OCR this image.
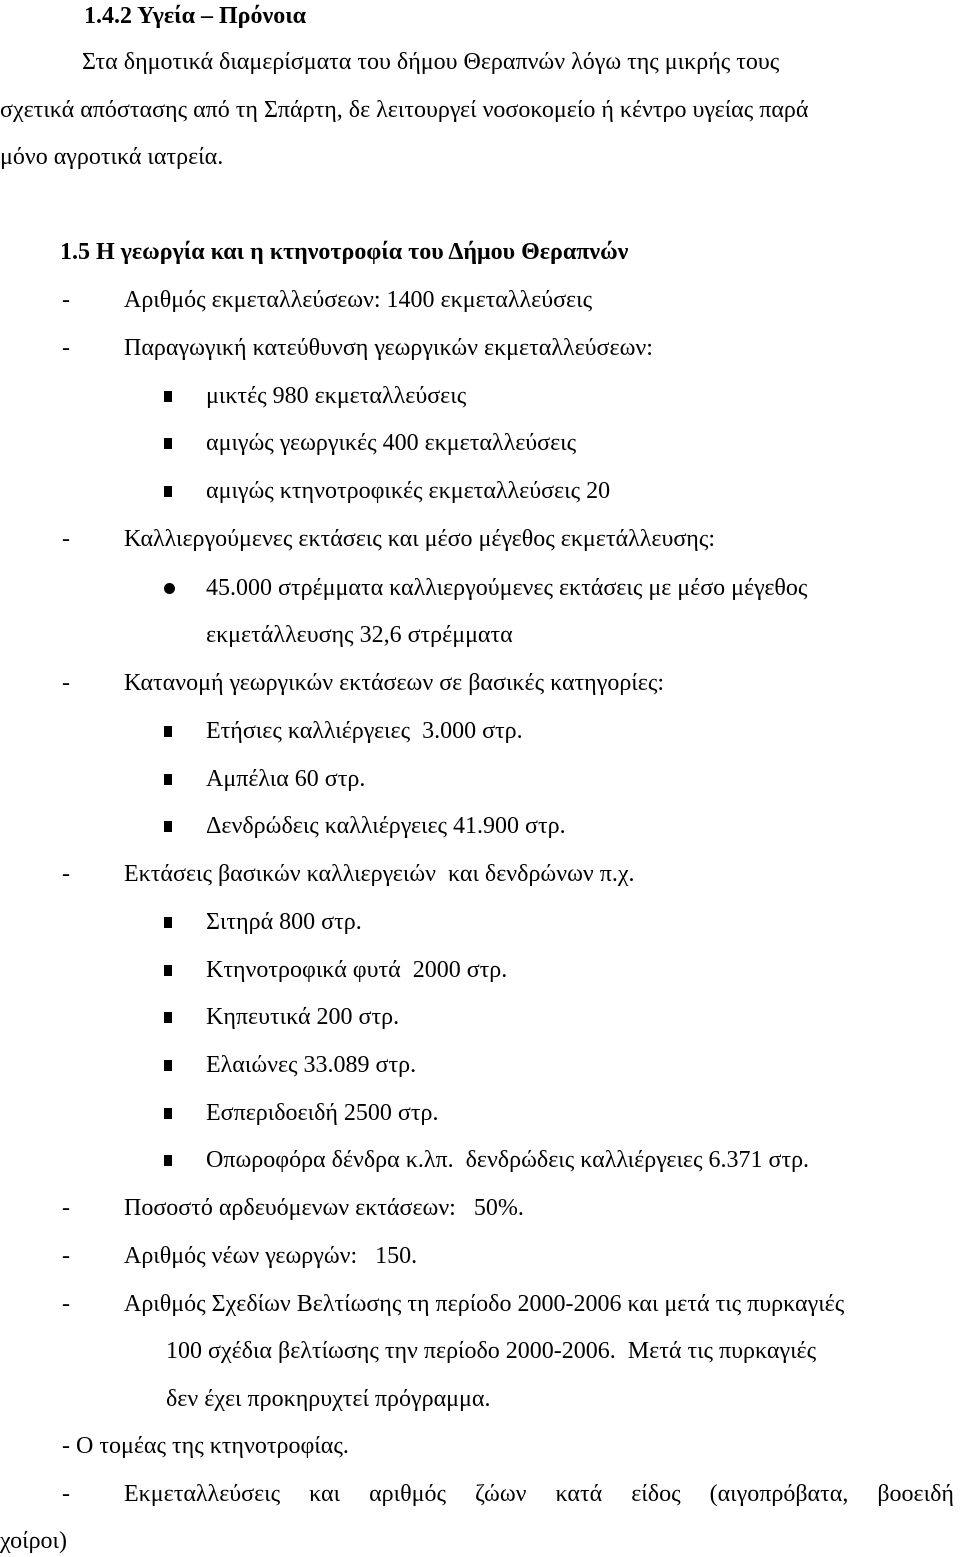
1.4.2 Υγεία – Πρόνοια
Στα δημοτικά διαμερίσματα του δήμου Θεραπνών λόγω της μικρής τους
σχετικά απόστασης από τη Σπάρτη, δε λειτουργεί νοσοκομείο ή κέντρο υγείας παρά
μόνο αγροτικά ιατρεία.
1.5 Η γεωργία και η κτηνοτροφία του Δήμου Θεραπνών
- Αριθμός εκμεταλλεύσεων: 1400 εκμεταλλεύσεις
- Παραγωγική κατεύθυνση γεωργικών εκμεταλλεύσεων:
μικτές 980 εκμεταλλεύσεις
αμιγώς γεωργικές 400 εκμεταλλεύσεις
αμιγώς κτηνοτροφικές εκμεταλλεύσεις 20
- Καλλιεργούμενες εκτάσεις και μέσο μέγεθος εκμετάλλευσης:
45.000 στρέμματα καλλιεργούμενες εκτάσεις με μέσο μέγεθος
εκμετάλλευσης 32,6 στρέμματα
- Κατανομή γεωργικών εκτάσεων σε βασικές κατηγορίες:
Ετήσιες καλλιέργειες  3.000 στρ.
Αμπέλια 60 στρ.
Δενδρώδεις καλλιέργειες 41.900 στρ.
- Εκτάσεις βασικών καλλιεργειών  και δενδρώνων π.χ.
Σιτηρά 800 στρ.
Κτηνοτροφικά φυτά  2000 στρ.
Κηπευτικά 200 στρ.
Ελαιώνες 33.089 στρ.
Εσπεριδοειδή 2500 στρ.
Οπωροφόρα δένδρα κ.λπ.  δενδρώδεις καλλιέργειες 6.371 στρ.
- Ποσοστό αρδευόμενων εκτάσεων:   50%.
- Αριθμός νέων γεωργών:   150.
- Αριθμός Σχεδίων Βελτίωσης τη περίοδο 2000-2006 και μετά τις πυρκαγιές
100 σχέδια βελτίωσης την περίοδο 2000-2006.  Μετά τις πυρκαγιές
δεν έχει προκηρυχτεί πρόγραμμα.
- Ο τομέας της κτηνοτροφίας.
- Εκμεταλλεύσεις και αριθμός ζώων κατά είδος (αιγοπρόβατα, βοοειδή
χοίροι)
